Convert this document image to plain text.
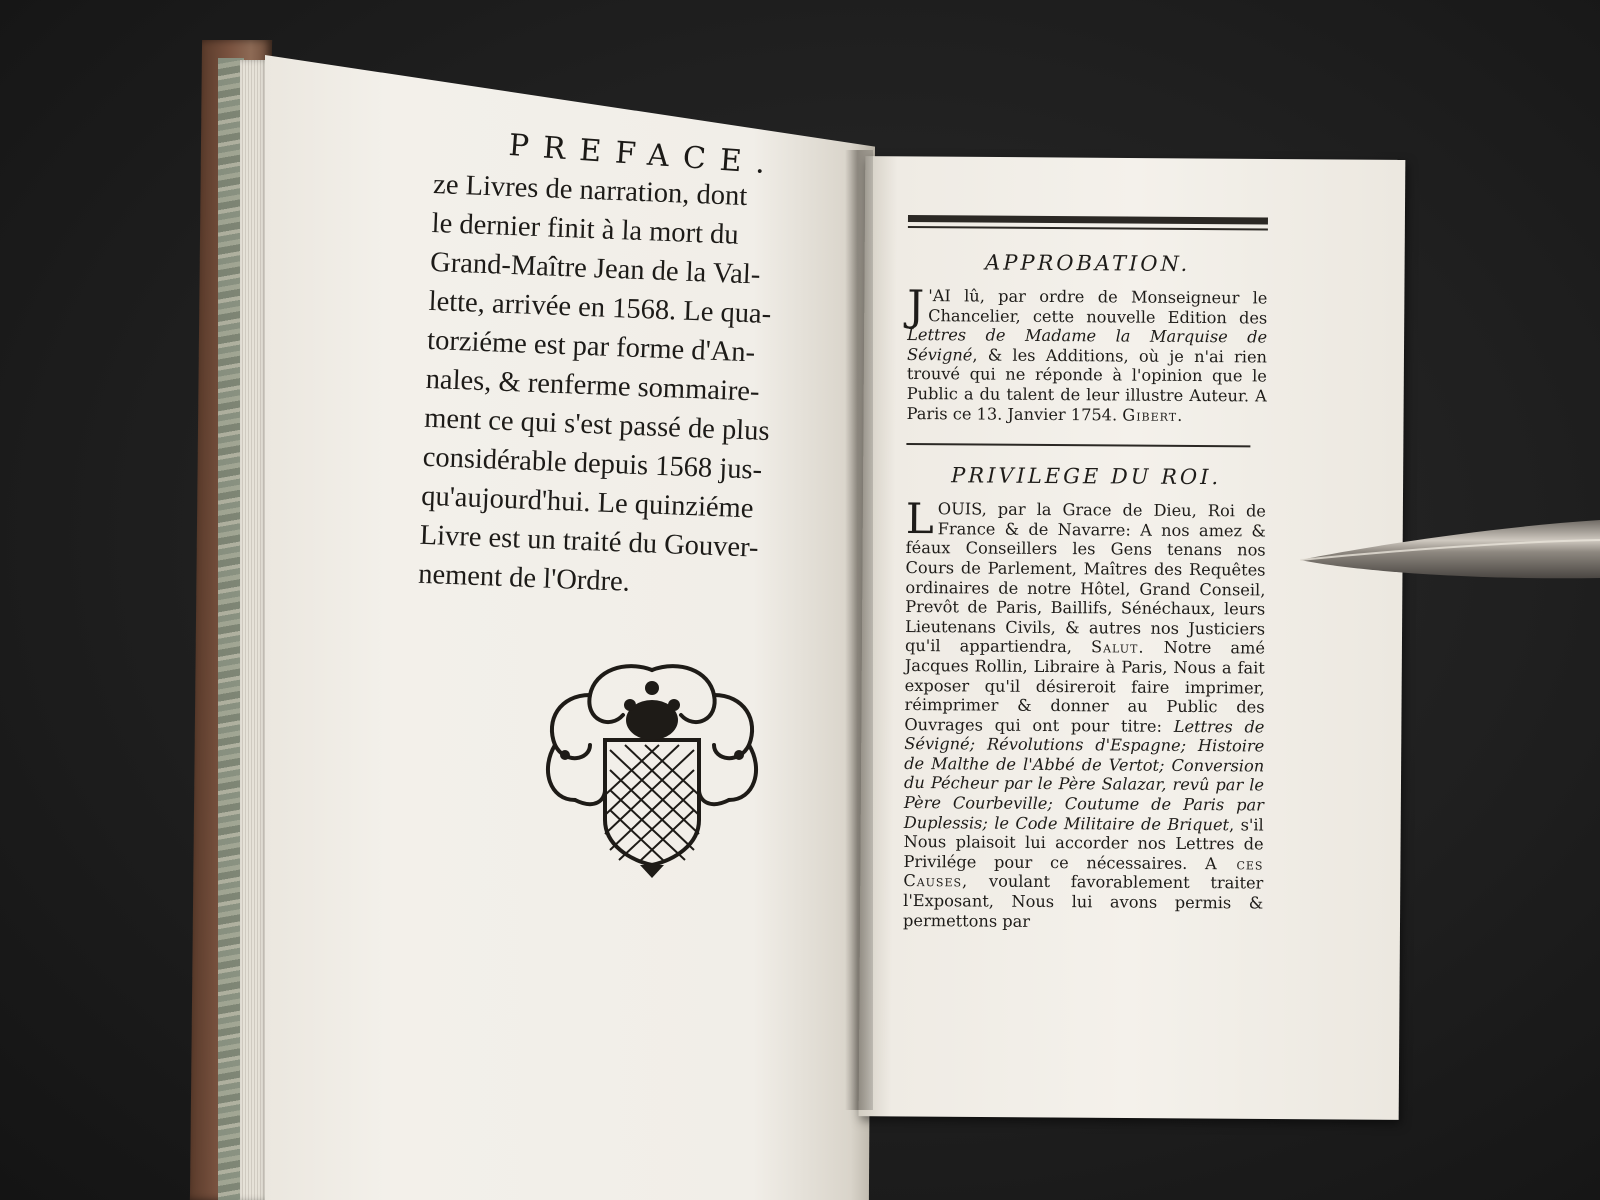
PREFACE.
ze Livres de narration, dont
le dernier finit à la mort du
Grand-Maître Jean de la Val-
lette, arrivée en 1568. Le qua-
torziéme est par forme d'An-
nales, & renferme sommaire-
ment ce qui s'est passé de plus
considérable depuis 1568 jus-
qu'aujourd'hui. Le quinziéme
Livre est un traité du Gouver-
nement de l'Ordre.
APPROBATION.

J 'AI lû, par ordre de Monseigneur le Chancelier, cette nouvelle Edition des Lettres de Madame la Marquise de Sévigné, & les Additions, où je n'ai rien trouvé qui ne réponde à l'opinion que le Public a du talent de leur illustre Auteur. A Paris ce 13. Janvier 1754. Gibert.

PRIVILEGE DU ROI.

LOUIS, par la Grace de Dieu, Roi de France & de Navarre: A nos amez & féaux Conseillers les Gens tenans nos Cours de Parlement, Maîtres des Requêtes ordinaires de notre Hôtel, Grand Conseil, Prevôt de Paris, Baillifs, Sénéchaux, leurs Lieutenans Civils, & autres nos Justiciers qu'il appartiendra, Salut. Notre amé Jacques Rollin, Libraire à Paris, Nous a fait exposer qu'il désireroit faire imprimer, réimprimer & donner au Public des Ouvrages qui ont pour titre: Lettres de Sévigné; Révolutions d'Espagne; Histoire de Malthe de l'Abbé de Vertot; Conversion du Pécheur par le Père Salazar, revû par le Père Courbeville; Coutume de Paris par Duplessis; le Code Militaire de Briquet, s'il Nous plaisoit lui accorder nos Lettres de Privilége pour ce nécessaires. A ces Causes, voulant favorablement traiter l'Exposant, Nous lui avons permis & permettons par
